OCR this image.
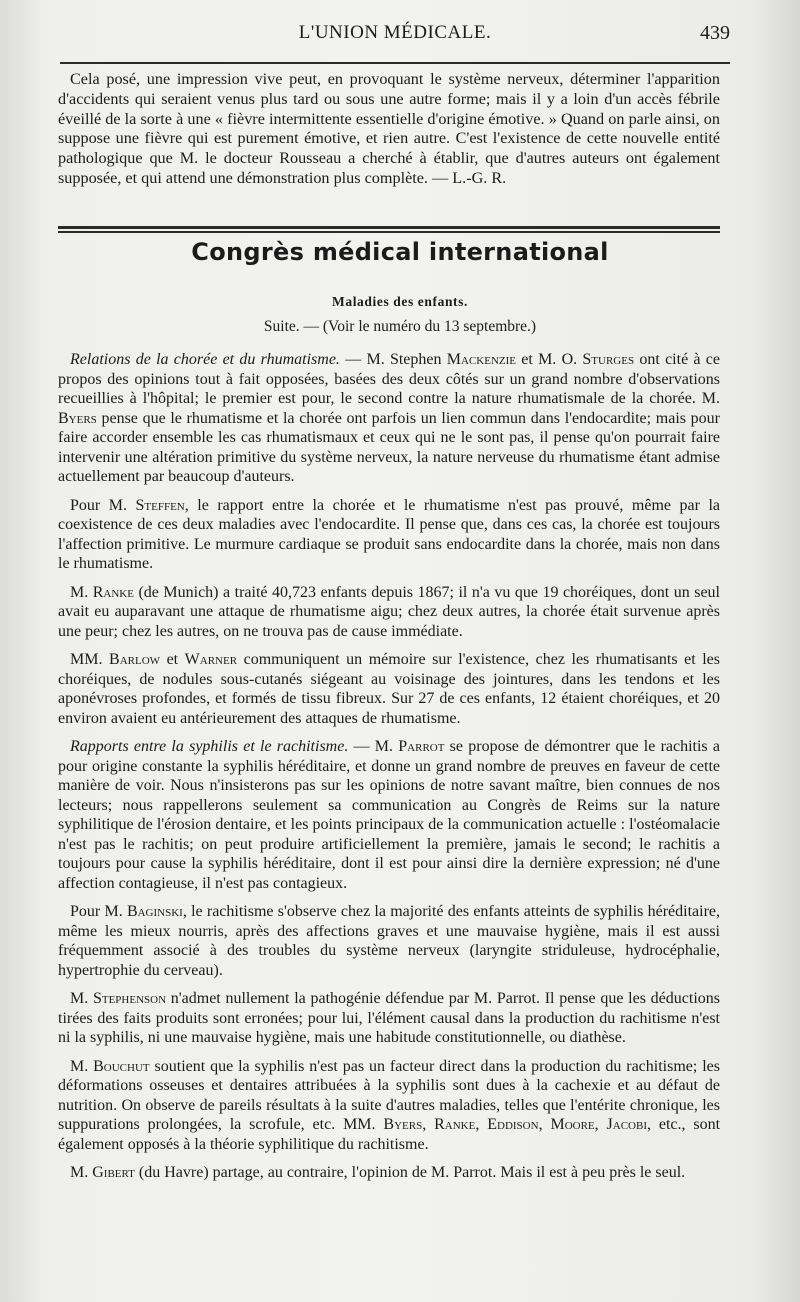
L'UNION MÉDICALE.	439

Cela posé, une impression vive peut, en provoquant le système nerveux, déterminer l'apparition d'accidents qui seraient venus plus tard ou sous une autre forme; mais il y a loin d'un accès fébrile éveillé de la sorte à une « fièvre intermittente essentielle d'origine émotive. » Quand on parle ainsi, on suppose une fièvre qui est purement émotive, et rien autre. C'est l'existence de cette nouvelle entité pathologique que M. le docteur Rousseau a cherché à établir, que d'autres auteurs ont également supposée, et qui attend une démonstration plus complète. — L.-G. R.

Congrès médical international
Maladies des enfants.
Suite. — (Voir le numéro du 13 septembre.)

Relations de la chorée et du rhumatisme. — M. Stephen Mackenzie et M. O. Sturges ont cité à ce propos des opinions tout à fait opposées, basées des deux côtés sur un grand nombre d'observations recueillies à l'hôpital; le premier est pour, le second contre la nature rhumatismale de la chorée. M. Byers pense que le rhumatisme et la chorée ont parfois un lien commun dans l'endocardite; mais pour faire accorder ensemble les cas rhumatismaux et ceux qui ne le sont pas, il pense qu'on pourrait faire intervenir une altération primitive du système nerveux, la nature nerveuse du rhumatisme étant admise actuellement par beaucoup d'auteurs.

Pour M. Steffen, le rapport entre la chorée et le rhumatisme n'est pas prouvé, même par la coexistence de ces deux maladies avec l'endocardite. Il pense que, dans ces cas, la chorée est toujours l'affection primitive. Le murmure cardiaque se produit sans endocardite dans la chorée, mais non dans le rhumatisme.

M. Ranke (de Munich) a traité 40,723 enfants depuis 1867; il n'a vu que 19 choréiques, dont un seul avait eu auparavant une attaque de rhumatisme aigu; chez deux autres, la chorée était survenue après une peur; chez les autres, on ne trouva pas de cause immédiate.

MM. Barlow et Warner communiquent un mémoire sur l'existence, chez les rhumatisants et les choréiques, de nodules sous-cutanés siégeant au voisinage des jointures, dans les tendons et les aponévroses profondes, et formés de tissu fibreux. Sur 27 de ces enfants, 12 étaient choréiques, et 20 environ avaient eu antérieurement des attaques de rhumatisme.

Rapports entre la syphilis et le rachitisme. — M. Parrot se propose de démontrer que le rachitis a pour origine constante la syphilis héréditaire, et donne un grand nombre de preuves en faveur de cette manière de voir. Nous n'insisterons pas sur les opinions de notre savant maître, bien connues de nos lecteurs; nous rappellerons seulement sa communication au Congrès de Reims sur la nature syphilitique de l'érosion dentaire, et les points principaux de la communication actuelle : l'ostéomalacie n'est pas le rachitis; on peut produire artificiellement la première, jamais le second; le rachitis a toujours pour cause la syphilis héréditaire, dont il est pour ainsi dire la dernière expression; né d'une affection contagieuse, il n'est pas contagieux.

Pour M. Baginski, le rachitisme s'observe chez la majorité des enfants atteints de syphilis héréditaire, même les mieux nourris, après des affections graves et une mauvaise hygiène, mais il est aussi fréquemment associé à des troubles du système nerveux (laryngite striduleuse, hydrocéphalie, hypertrophie du cerveau).

M. Stephenson n'admet nullement la pathogénie défendue par M. Parrot. Il pense que les déductions tirées des faits produits sont erronées; pour lui, l'élément causal dans la production du rachitisme n'est ni la syphilis, ni une mauvaise hygiène, mais une habitude constitutionnelle, ou diathèse.

M. Bouchut soutient que la syphilis n'est pas un facteur direct dans la production du rachitisme; les déformations osseuses et dentaires attribuées à la syphilis sont dues à la cachexie et au défaut de nutrition. On observe de pareils résultats à la suite d'autres maladies, telles que l'entérite chronique, les suppurations prolongées, la scrofule, etc. MM. Byers, Ranke, Eddison, Moore, Jacobi, etc., sont également opposés à la théorie syphilitique du rachitisme.

M. Gibert (du Havre) partage, au contraire, l'opinion de M. Parrot. Mais il est à peu près le seul.
